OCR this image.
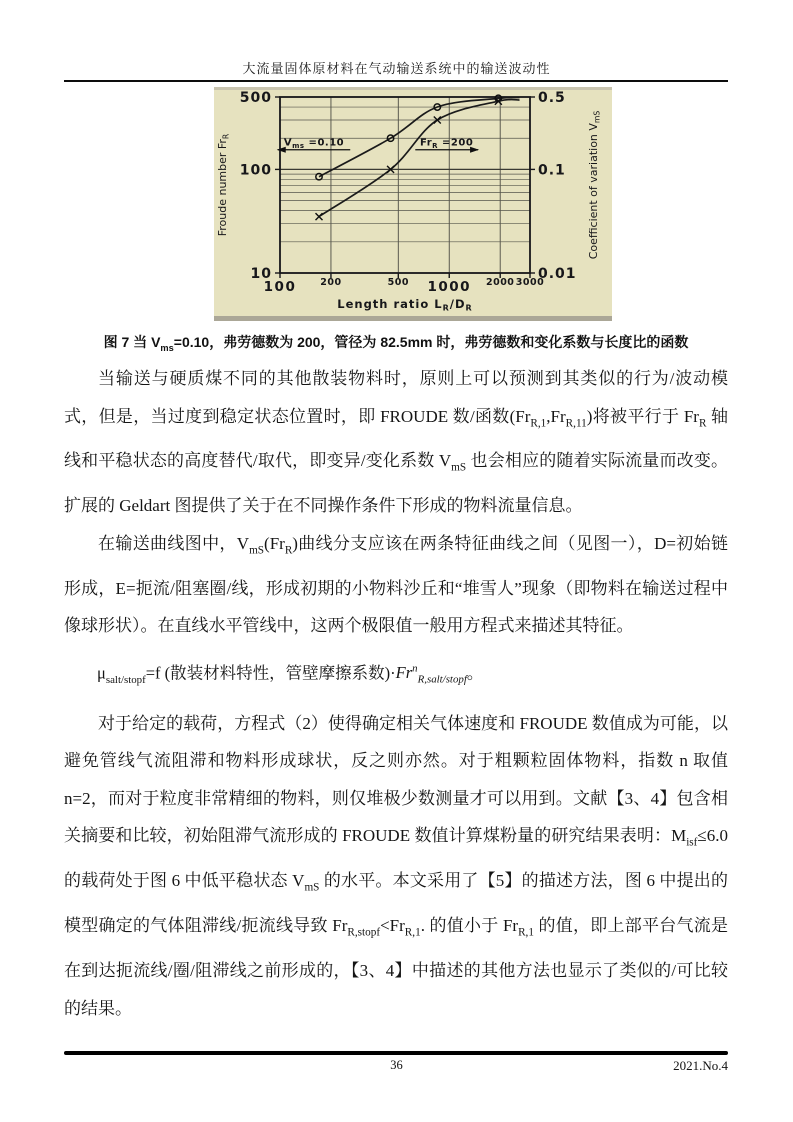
大流量固体原材料在气动输送系统中的输送波动性
500
100
10
0.5
0.1
0.01
100	200	500 1000 2000 3000
$V_{ms} =0.10$	$Fr_R =200$
Froude number $Fr_R$	Coefficient of variation $V_{mS}$
Length ratio $L_R/D_R$
图 7 当 $V_{ms}=0.10$，弗劳德数为 200，管径为 82.5mm 时，弗劳德数和变化系数与长度比的函数

当输送与硬质煤不同的其他散装物料时，原则上可以预测到其类似的行为/波动模式，但是，当过度到稳定状态位置时，即 FROUDE 数/函数$(Fr_{R,1},Fr_{R,11})$将被平行于 $Fr_R$ 轴线和平稳状态的高度替代/取代，即变异/变化系数 $V_{mS}$ 也会相应的随着实际流量而改变。扩展的 Geldart 图提供了关于在不同操作条件下形成的物料流量信息。

在输送曲线图中，$V_{mS}(Fr_R)$曲线分支应该在两条特征曲线之间（见图一），D=初始链形成，E=扼流/阻塞圈/线，形成初期的小物料沙丘和“堆雪人”现象（即物料在输送过程中像球形状）。在直线水平管线中，这两个极限值一般用方程式来描述其特征。

$\mu_{salt/stopf}=f$ (散装材料特性，管壁摩擦系数)$\cdot Fr^n_{R,salt/stopf}$。

对于给定的载荷，方程式（2）使得确定相关气体速度和 FROUDE 数值成为可能，以避免管线气流阻滞和物料形成球状，反之则亦然。对于粗颗粒固体物料，指数 n 取值 n=2，而对于粒度非常精细的物料，则仅堆极少数测量才可以用到。文献【3、4】包含相关摘要和比较，初始阻滞气流形成的 FROUDE 数值计算煤粉量的研究结果表明：$M_{isf}\le 6.0$ 的载荷处于图 6 中低平稳状态 $V_{mS}$ 的水平。本文采用了【5】的描述方法，图 6 中提出的模型确定的气体阻滞线/扼流线导致 $Fr_{R,stopf}<Fr_{R,1}$. 的值小于 $Fr_{R,1}$ 的值，即上部平台气流是在到达扼流线/圈/阻滞线之前形成的，【3、4】中描述的其他方法也显示了类似的/可比较的结果。

36	2021.No.4
